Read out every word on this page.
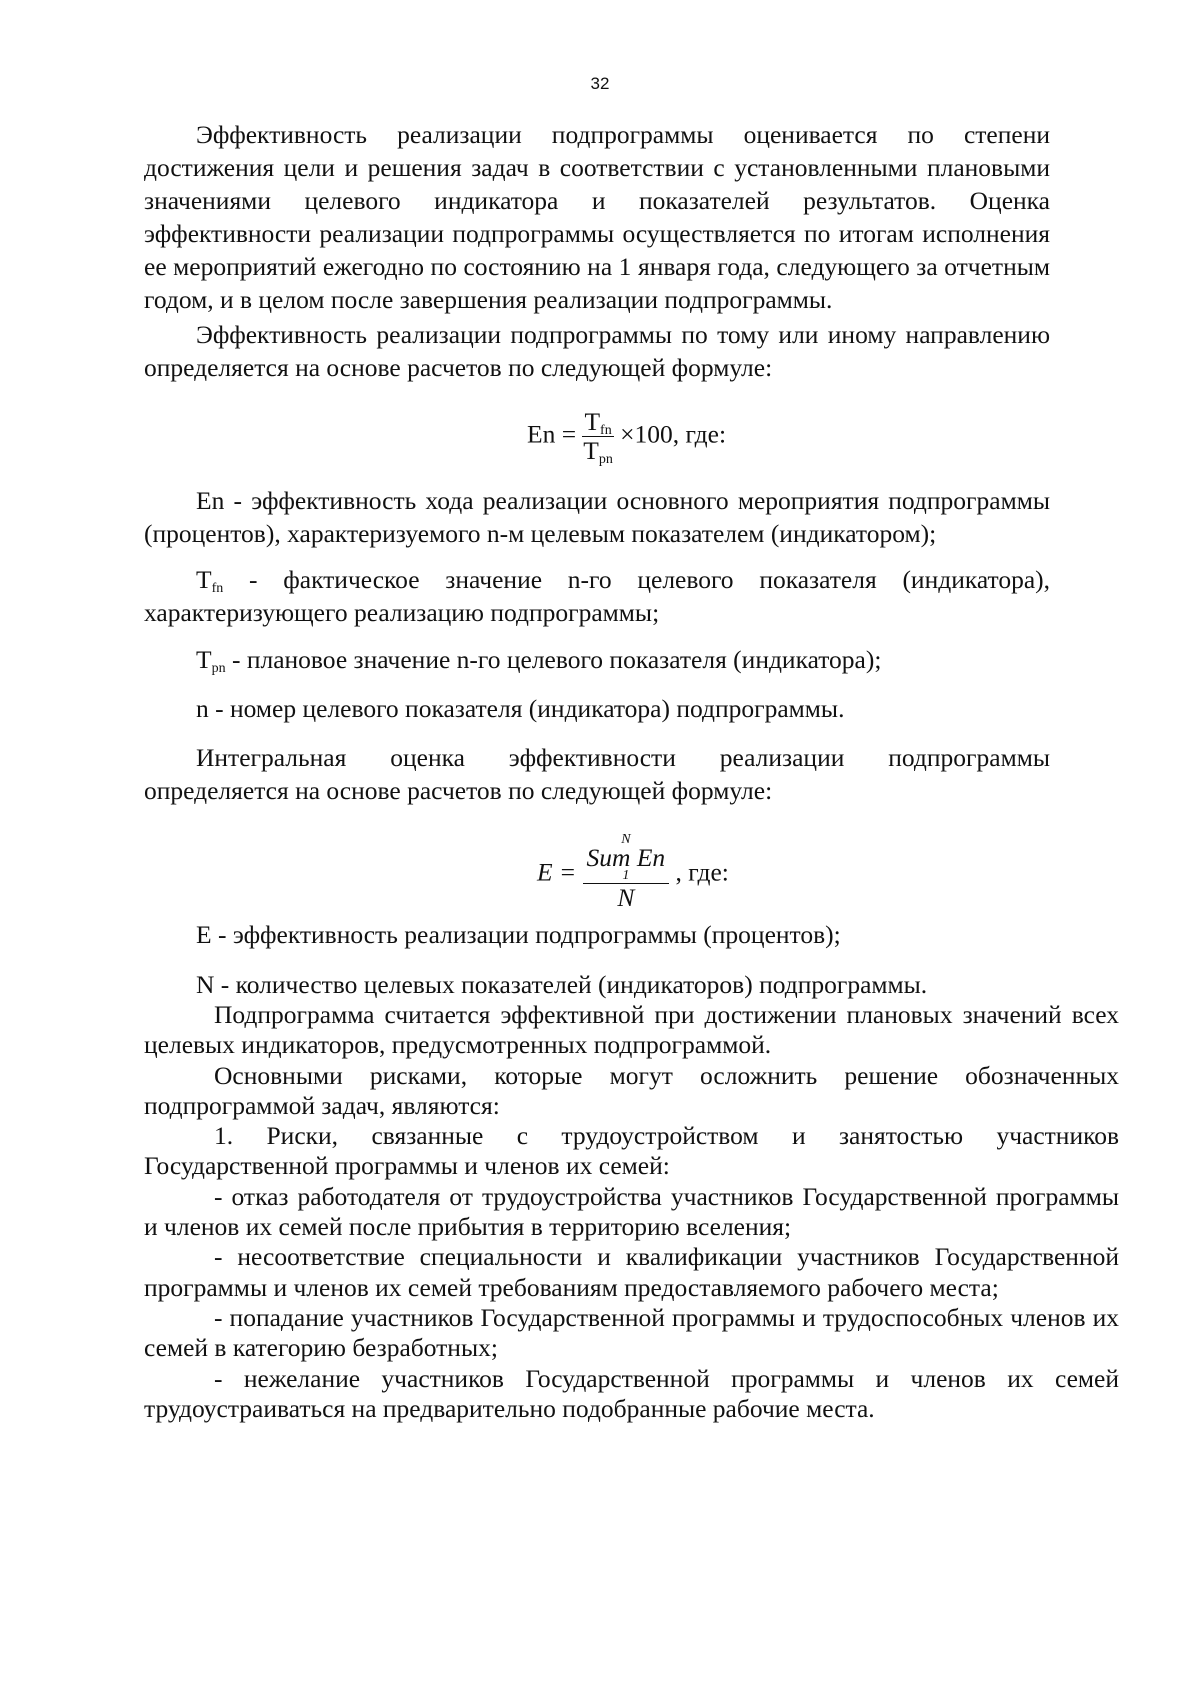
32

Эффективность реализации подпрограммы оценивается по степени достижения цели и решения задач в соответствии с установленными плановыми значениями целевого индикатора и показателей результатов. Оценка эффективности реализации подпрограммы осуществляется по итогам исполнения ее мероприятий ежегодно по состоянию на 1 января года, следующего за отчетным годом, и в целом после завершения реализации подпрограммы.

Эффективность реализации подпрограммы по тому или иному направлению определяется на основе расчетов по следующей формуле:

$En = \frac{T_{fn}}{T_{pn}} \times 100$, где:

En - эффективность хода реализации основного мероприятия подпрограммы (процентов), характеризуемого n-м целевым показателем (индикатором);

$T_{fn}$ - фактическое значение n-го целевого показателя (индикатора), характеризующего реализацию подпрограммы;

$T_{pn}$ - плановое значение n-го целевого показателя (индикатора);

n - номер целевого показателя (индикатора) подпрограммы.

Интегральная оценка эффективности реализации подпрограммы определяется на основе расчетов по следующей формуле:

E = N
Sum En
1
N , где:

E - эффективность реализации подпрограммы (процентов);

N - количество целевых показателей (индикаторов) подпрограммы.

Подпрограмма считается эффективной при достижении плановых значений всех целевых индикаторов, предусмотренных подпрограммой.

Основными рисками, которые могут осложнить решение обозначенных подпрограммой задач, являются:

1. Риски, связанные с трудоустройством и занятостью участников Государственной программы и членов их семей:

- отказ работодателя от трудоустройства участников Государственной программы и членов их семей после прибытия в территорию вселения;

- несоответствие специальности и квалификации участников Государственной программы и членов их семей требованиям предоставляемого рабочего места;

- попадание участников Государственной программы и трудоспособных членов их семей в категорию безработных;

- нежелание участников Государственной программы и членов их семей трудоустраиваться на предварительно подобранные рабочие места.
